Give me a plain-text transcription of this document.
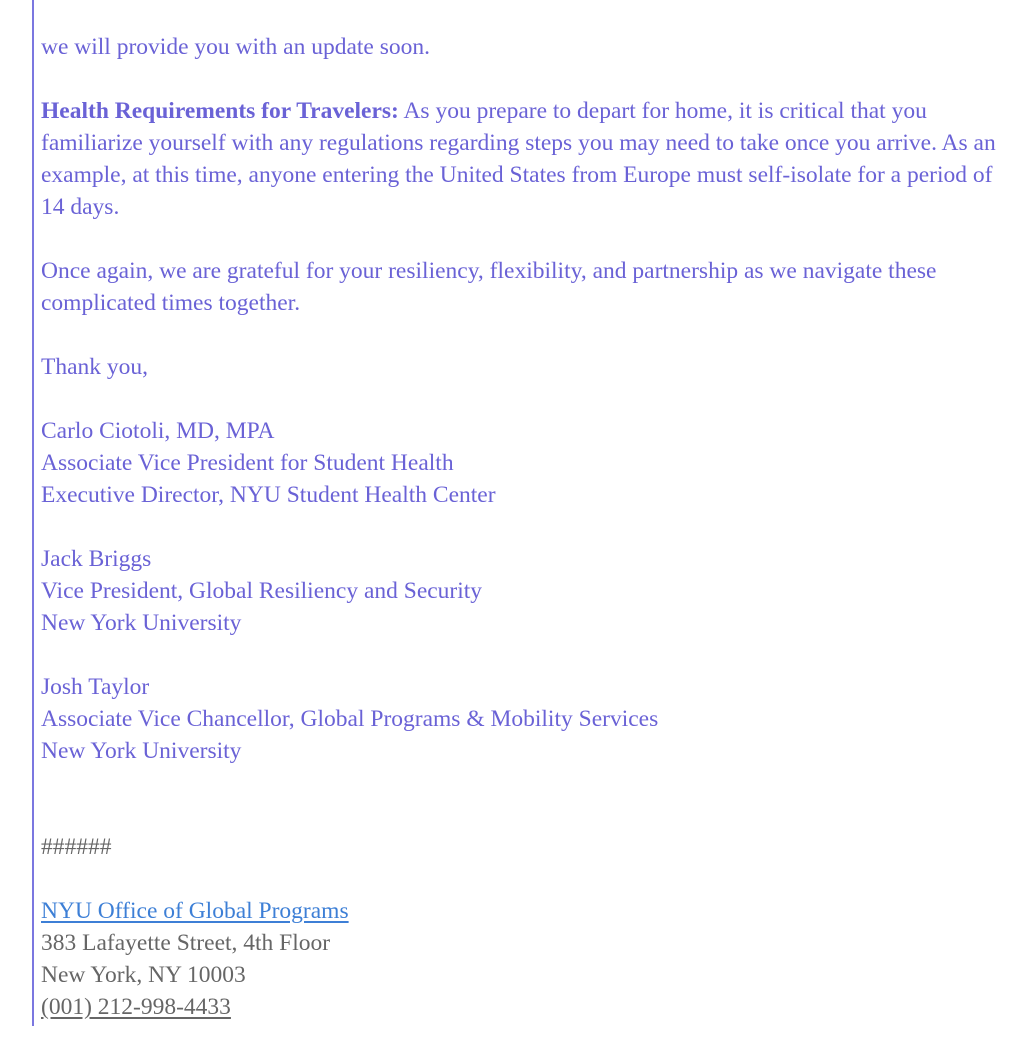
we will provide you with an update soon.

Health Requirements for Travelers: As you prepare to depart for home, it is critical that you familiarize yourself with any regulations regarding steps you may need to take once you arrive. As an example, at this time, anyone entering the United States from Europe must self-isolate for a period of 14 days.

Once again, we are grateful for your resiliency, flexibility, and partnership as we navigate these complicated times together.

Thank you,

Carlo Ciotoli, MD, MPA

Associate Vice President for Student Health

Executive Director, NYU Student Health Center

Jack Briggs

Vice President, Global Resiliency and Security

New York University

Josh Taylor

Associate Vice Chancellor, Global Programs & Mobility Services

New York University

######

NYU Office of Global Programs

383 Lafayette Street, 4th Floor

New York, NY 10003

(001) 212-998-4433
